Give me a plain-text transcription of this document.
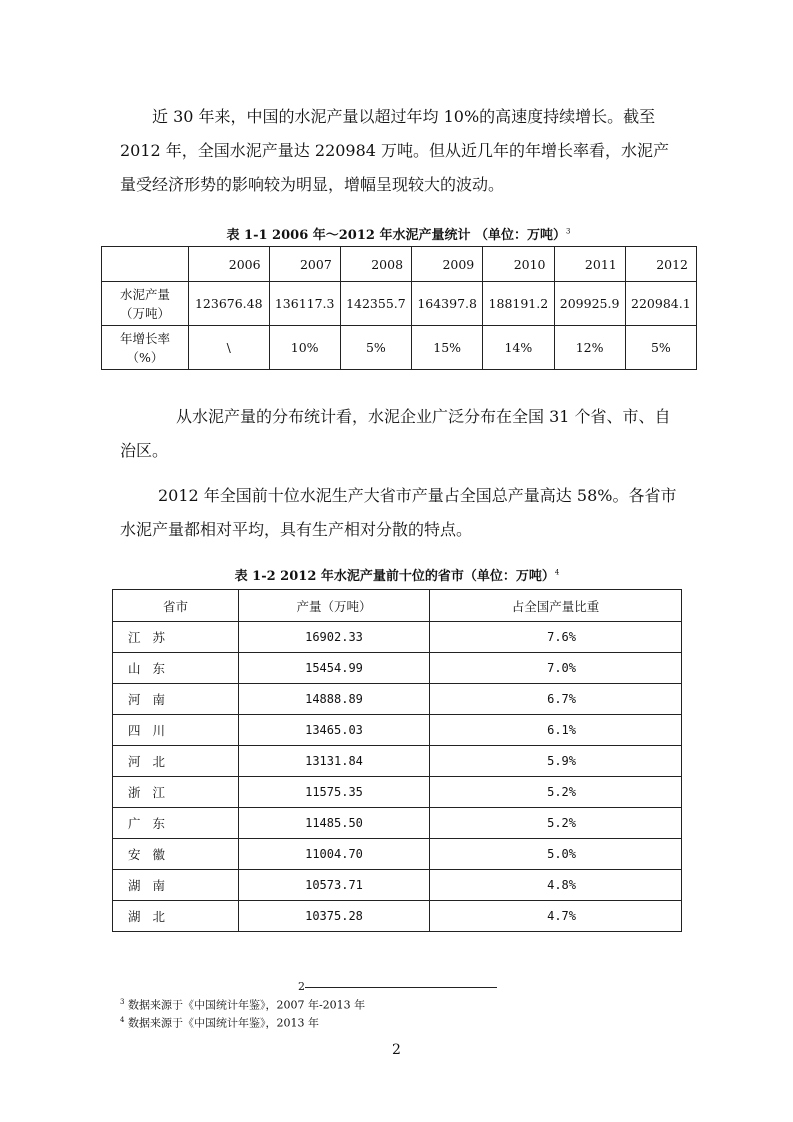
近 30 年来，中国的水泥产量以超过年均 10%的高速度持续增长。截至 2012 年，全国水泥产量达 220984 万吨。但从近几年的年增长率看，水泥产量受经济形势的影响较为明显，增幅呈现较大的波动。

表 1-1 2006 年～2012 年水泥产量统计 （单位：万吨）$^3$
	2006	2007	2008	2009	2010	2011	2012
水泥产量
（万吨）	123676.48	136117.3	142355.7	164397.8	188191.2	209925.9	220984.1
年增长率
（%）	\	10%	5%	15%	14%	12%	5%

从水泥产量的分布统计看，水泥企业广泛分布在全国 31 个省、市、自治区。

2012 年全国前十位水泥生产大省市产量占全国总产量高达 58%。各省市水泥产量都相对平均，具有生产相对分散的特点。

表 1-2 2012 年水泥产量前十位的省市（单位：万吨）$^4$
省市	产量（万吨）	占全国产量比重
江苏	16902.33	7.6%
山东	15454.99	7.0%
河南	14888.89	6.7%
四川	13465.03	6.1%
河北	13131.84	5.9%
浙江	11575.35	5.2%
广东	11485.50	5.2%
安徽	11004.70	5.0%
湖南	10573.71	4.8%
湖北	10375.28	4.7%
2
$^3$ 数据来源于《中国统计年鉴》，2007 年-2013 年
$^4$ 数据来源于《中国统计年鉴》，2013 年
2
